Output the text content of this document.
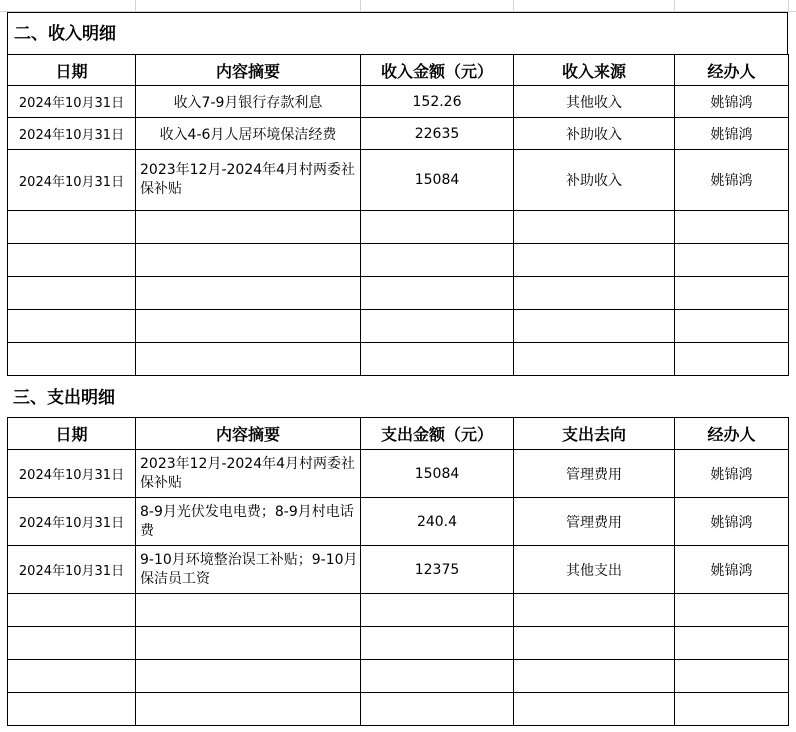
二、收入明细
日期	内容摘要	收入金额（元）	收入来源	经办人
2024年10月31日	收入7-9月银行存款利息	152.26	其他收入	姚锦鸿
2024年10月31日	收入4-6月人居环境保洁经费	22635	补助收入	姚锦鸿
2024年10月31日	2023年12月-2024年4月村两委社保补贴	15084	补助收入	姚锦鸿

三、支出明细
日期	内容摘要	支出金额（元）	支出去向	经办人
2024年10月31日	2023年12月-2024年4月村两委社保补贴	15084	管理费用	姚锦鸿
2024年10月31日	8-9月光伏发电电费；8-9月村电话费	240.4	管理费用	姚锦鸿
2024年10月31日	9-10月环境整治误工补贴；9-10月保洁员工资	12375	其他支出	姚锦鸿
